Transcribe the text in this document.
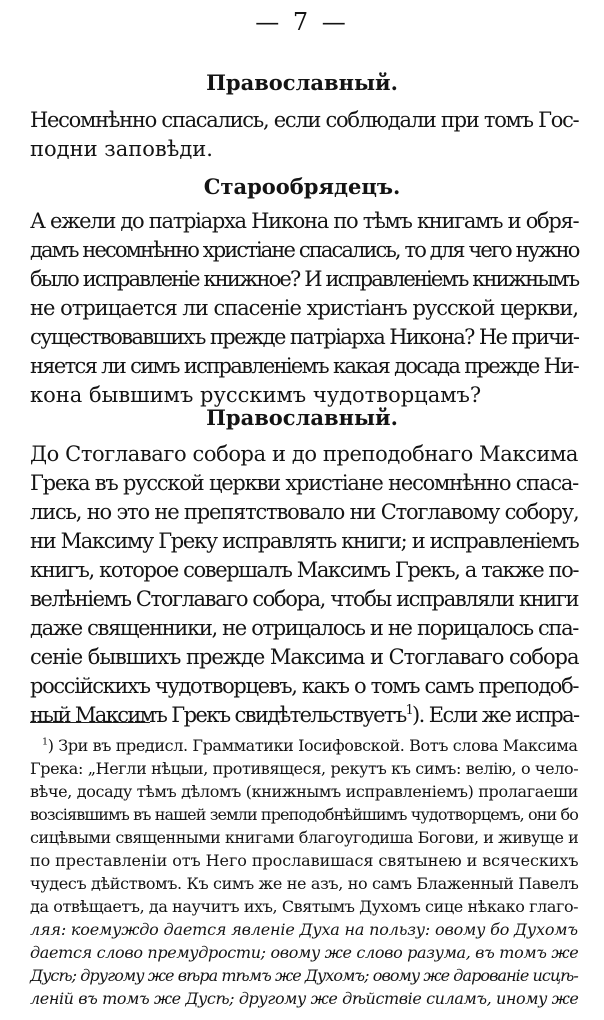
— 7 —
Православный.
Несомнѣнно спасались, если соблюдали при томъ Гос-
подни заповѣди.
Старообрядецъ.
А ежели до патріарха Никона по тѣмъ книгамъ и обря-
дамъ несомнѣнно христіане спасались, то для чего нужно
было исправленіе книжное? И исправленіемъ книжнымъ
не отрицается ли спасеніе христіанъ русской церкви,
существовавшихъ прежде патріарха Никона? Не причи-
няется ли симъ исправленіемъ какая досада прежде Ни-
кона бывшимъ русскимъ чудотворцамъ?
Православный.
До Стоглаваго собора и до преподобнаго Максима
Грека въ русской церкви христіане несомнѣнно спаса-
лись, но это не препятствовало ни Стоглавому собору,
ни Максиму Греку исправлять книги; и исправленіемъ
книгъ, которое совершалъ Максимъ Грекъ, а также по-
велѣніемъ Стоглаваго собора, чтобы исправляли книги
даже священники, не отрицалось и не порицалось спа-
сеніе бывшихъ прежде Максима и Стоглаваго собора
россійскихъ чудотворцевъ, какъ о томъ самъ преподоб-
ный Максимъ Грекъ свидѣтельствуетъ$^1$). Если же испра-
$^1$) Зри въ предисл. Грамматики Іосифовской. Вотъ слова Максима
Грека: „Негли нѣцыи, противящеся, рекутъ къ симъ: велію, о чело-
вѣче, досаду тѣмъ дѣломъ (книжнымъ исправленіемъ) пролагаеши
возсіявшимъ въ нашей земли преподобнѣйшимъ чудотворцемъ, они бо
сицѣвыми священными книгами благоугодиша Богови, и живуще и
по преставленіи отъ Него прославишася святынею и всяческихъ
чудесъ дѣйствомъ. Къ симъ же не азъ, но самъ Блаженный Павелъ
да отвѣщаетъ, да научитъ ихъ, Святымъ Духомъ сице нѣкако глаго-
ляя: коемуждо дается явленіе Духа на пользу: овому бо Духомъ
дается слово премудрости; овому же слово разума, въ томъ же
Дусѣ; другому же вѣра тѣмъ же Духомъ; овому же дарованіе исцѣ-
леній въ томъ же Дусѣ; другому же дѣйствіе силамъ, иному же
